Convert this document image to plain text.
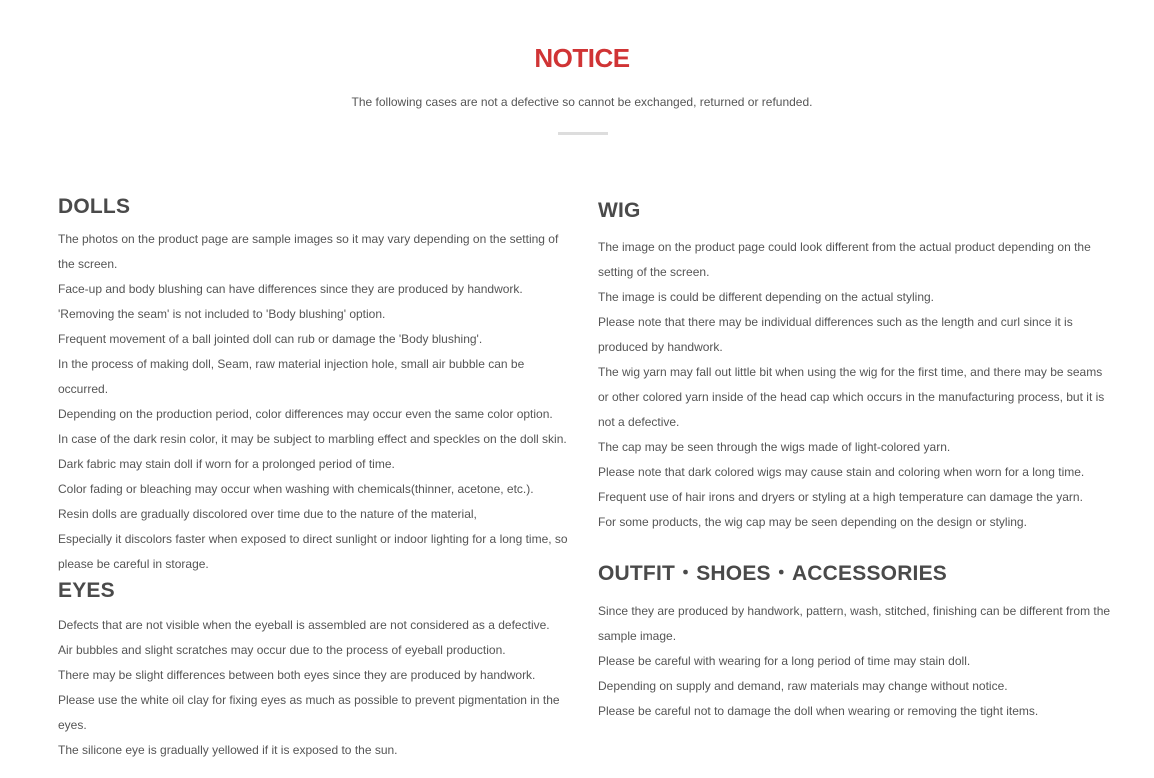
NOTICE

The following cases are not a defective so cannot be exchanged, returned or refunded.

DOLLS
The photos on the product page are sample images so it may vary depending on the setting of the screen.
Face-up and body blushing can have differences since they are produced by handwork.
'Removing the seam' is not included to 'Body blushing' option.
Frequent movement of a ball jointed doll can rub or damage the 'Body blushing'.
In the process of making doll, Seam, raw material injection hole, small air bubble can be occurred.
Depending on the production period, color differences may occur even the same color option.
In case of the dark resin color, it may be subject to marbling effect and speckles on the doll skin.
Dark fabric may stain doll if worn for a prolonged period of time.
Color fading or bleaching may occur when washing with chemicals(thinner, acetone, etc.).
Resin dolls are gradually discolored over time due to the nature of the material,
Especially it discolors faster when exposed to direct sunlight or indoor lighting for a long time, so please be careful in storage.
EYES
Defects that are not visible when the eyeball is assembled are not considered as a defective.
Air bubbles and slight scratches may occur due to the process of eyeball production.
There may be slight differences between both eyes since they are produced by handwork.
Please use the white oil clay for fixing eyes as much as possible to prevent pigmentation in the eyes.
The silicone eye is gradually yellowed if it is exposed to the sun.
WIG
The image on the product page could look different from the actual product depending on the setting of the screen.
The image is could be different depending on the actual styling.
Please note that there may be individual differences such as the length and curl since it is produced by handwork.
The wig yarn may fall out little bit when using the wig for the first time, and there may be seams or other colored yarn inside of the head cap which occurs in the manufacturing process, but it is not a defective.
The cap may be seen through the wigs made of light-colored yarn.
Please note that dark colored wigs may cause stain and coloring when worn for a long time.
Frequent use of hair irons and dryers or styling at a high temperature can damage the yarn.
For some products, the wig cap may be seen depending on the design or styling.
OUTFIT・SHOES・ACCESSORIES
Since they are produced by handwork, pattern, wash, stitched, finishing can be different from the sample image.
Please be careful with wearing for a long period of time may stain doll.
Depending on supply and demand, raw materials may change without notice.
Please be careful not to damage the doll when wearing or removing the tight items.
